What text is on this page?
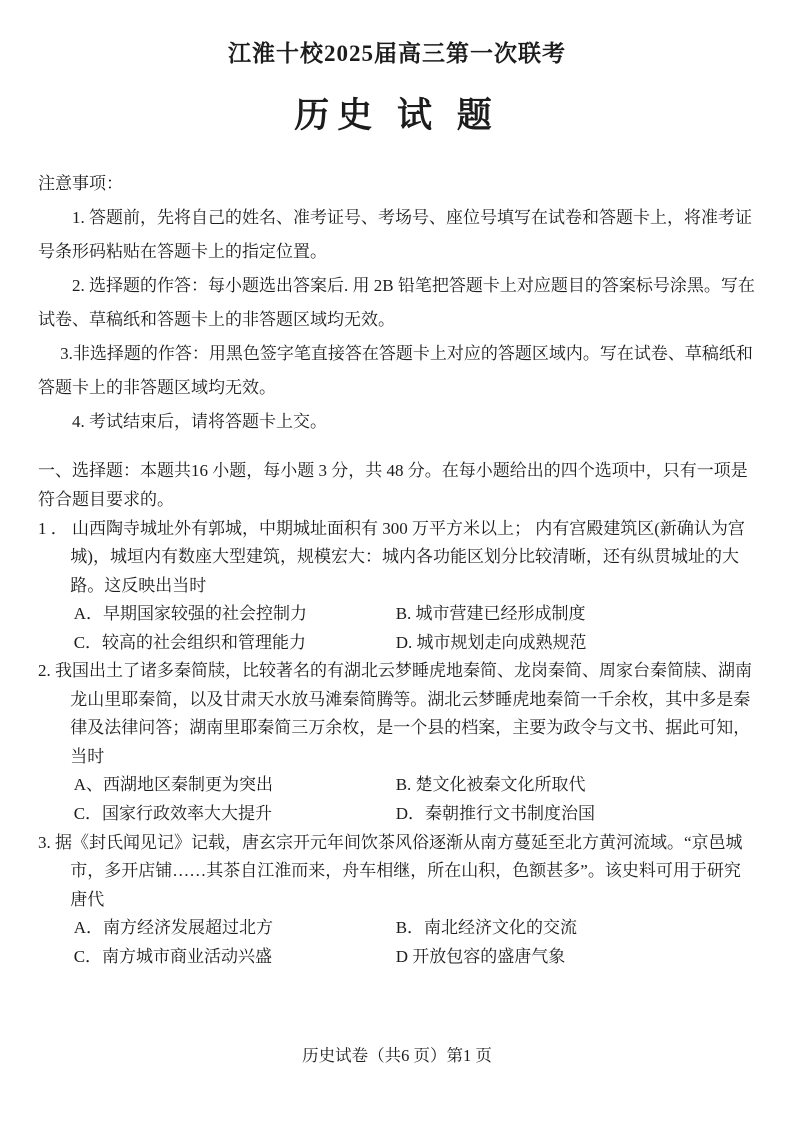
江淮十校2025届高三第一次联考
历史 试 题

注意事项：

1. 答题前，先将自己的姓名、准考证号、考场号、座位号填写在试卷和答题卡上，将准考证号条形码粘贴在答题卡上的指定位置。

2. 选择题的作答：每小题选出答案后. 用 2B 铅笔把答题卡上对应题目的答案标号涂黑。写在试卷、草稿纸和答题卡上的非答题区域均无效。

3.非选择题的作答：用黑色签字笔直接答在答题卡上对应的答题区域内。写在试卷、草稿纸和答题卡上的非答题区域均无效。

4. 考试结束后，请将答题卡上交。

一、选择题：本题共16 小题，每小题 3 分，共 48 分。在每小题给出的四个选项中，只有一项是符合题目要求的。

1 ． 山西陶寺城址外有郭城，中期城址面积有 300 万平方米以上； 内有宫殿建筑区(新确认为宫城)，城垣内有数座大型建筑，规模宏大：城内各功能区划分比较清晰，还有纵贯城址的大路。这反映出当时

A．早期国家较强的社会控制力	B. 城市营建已经形成制度
C．较高的社会组织和管理能力	D. 城市规划走向成熟规范

2. 我国出土了诸多秦简牍，比较著名的有湖北云梦睡虎地秦简、龙岗秦简、周家台秦简牍、湖南龙山里耶秦简，以及甘肃天水放马滩秦简腾等。湖北云梦睡虎地秦简一千余枚，其中多是秦律及法律问答；湖南里耶秦简三万余枚，是一个县的档案，主要为政令与文书、据此可知，当时

A、西湖地区秦制更为突出	B. 楚文化被秦文化所取代
C．国家行政效率大大提升	D．秦朝推行文书制度治国

3. 据《封氏闻见记》记载，唐玄宗开元年间饮茶风俗逐渐从南方蔓延至北方黄河流域。“京邑城市，多开店铺……其茶自江淮而来，舟车相继，所在山积，色额甚多”。该史料可用于研究唐代

A．南方经济发展超过北方	B．南北经济文化的交流
C．南方城市商业活动兴盛	D 开放包容的盛唐气象
历史试卷（共6 页）第1 页
